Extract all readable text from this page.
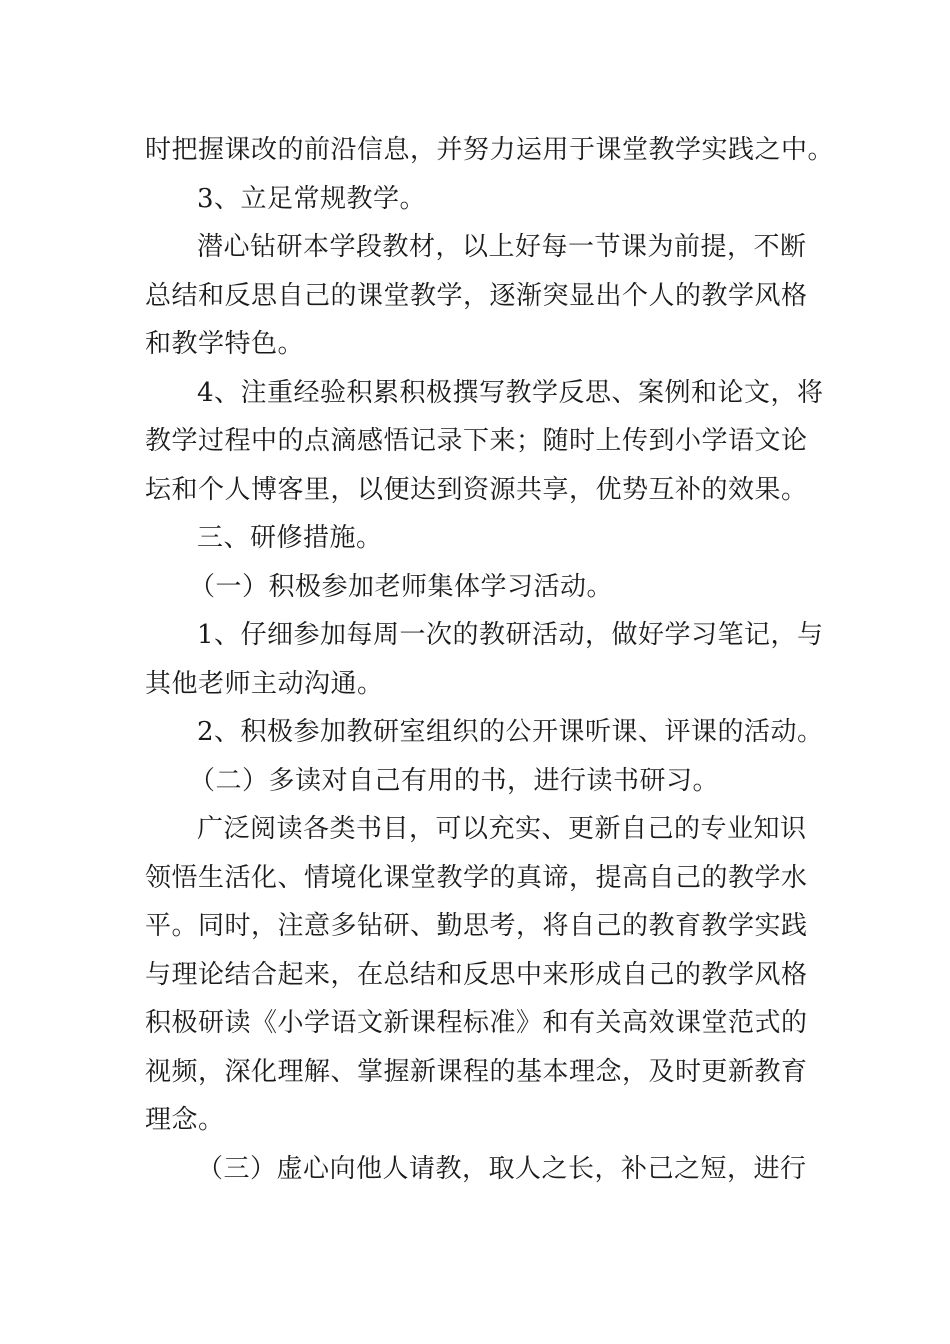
时把握课改的前沿信息，并努力运用于课堂教学实践之中。
3、立足常规教学。
潜心钻研本学段教材，以上好每一节课为前提，不断
总结和反思自己的课堂教学，逐渐突显出个人的教学风格
和教学特色。
4、注重经验积累积极撰写教学反思、案例和论文，将
教学过程中的点滴感悟记录下来；随时上传到小学语文论
坛和个人博客里，以便达到资源共享，优势互补的效果。
三、研修措施。
（一）积极参加老师集体学习活动。
1、仔细参加每周一次的教研活动，做好学习笔记，与
其他老师主动沟通。
2、积极参加教研室组织的公开课听课、评课的活动。
（二）多读对自己有用的书，进行读书研习。
广泛阅读各类书目，可以充实、更新自己的专业知识
领悟生活化、情境化课堂教学的真谛，提高自己的教学水
平。同时，注意多钻研、勤思考，将自己的教育教学实践
与理论结合起来，在总结和反思中来形成自己的教学风格
积极研读《小学语文新课程标准》和有关高效课堂范式的
视频，深化理解、掌握新课程的基本理念，及时更新教育
理念。
（三）虚心向他人请教，取人之长，补己之短，进行
